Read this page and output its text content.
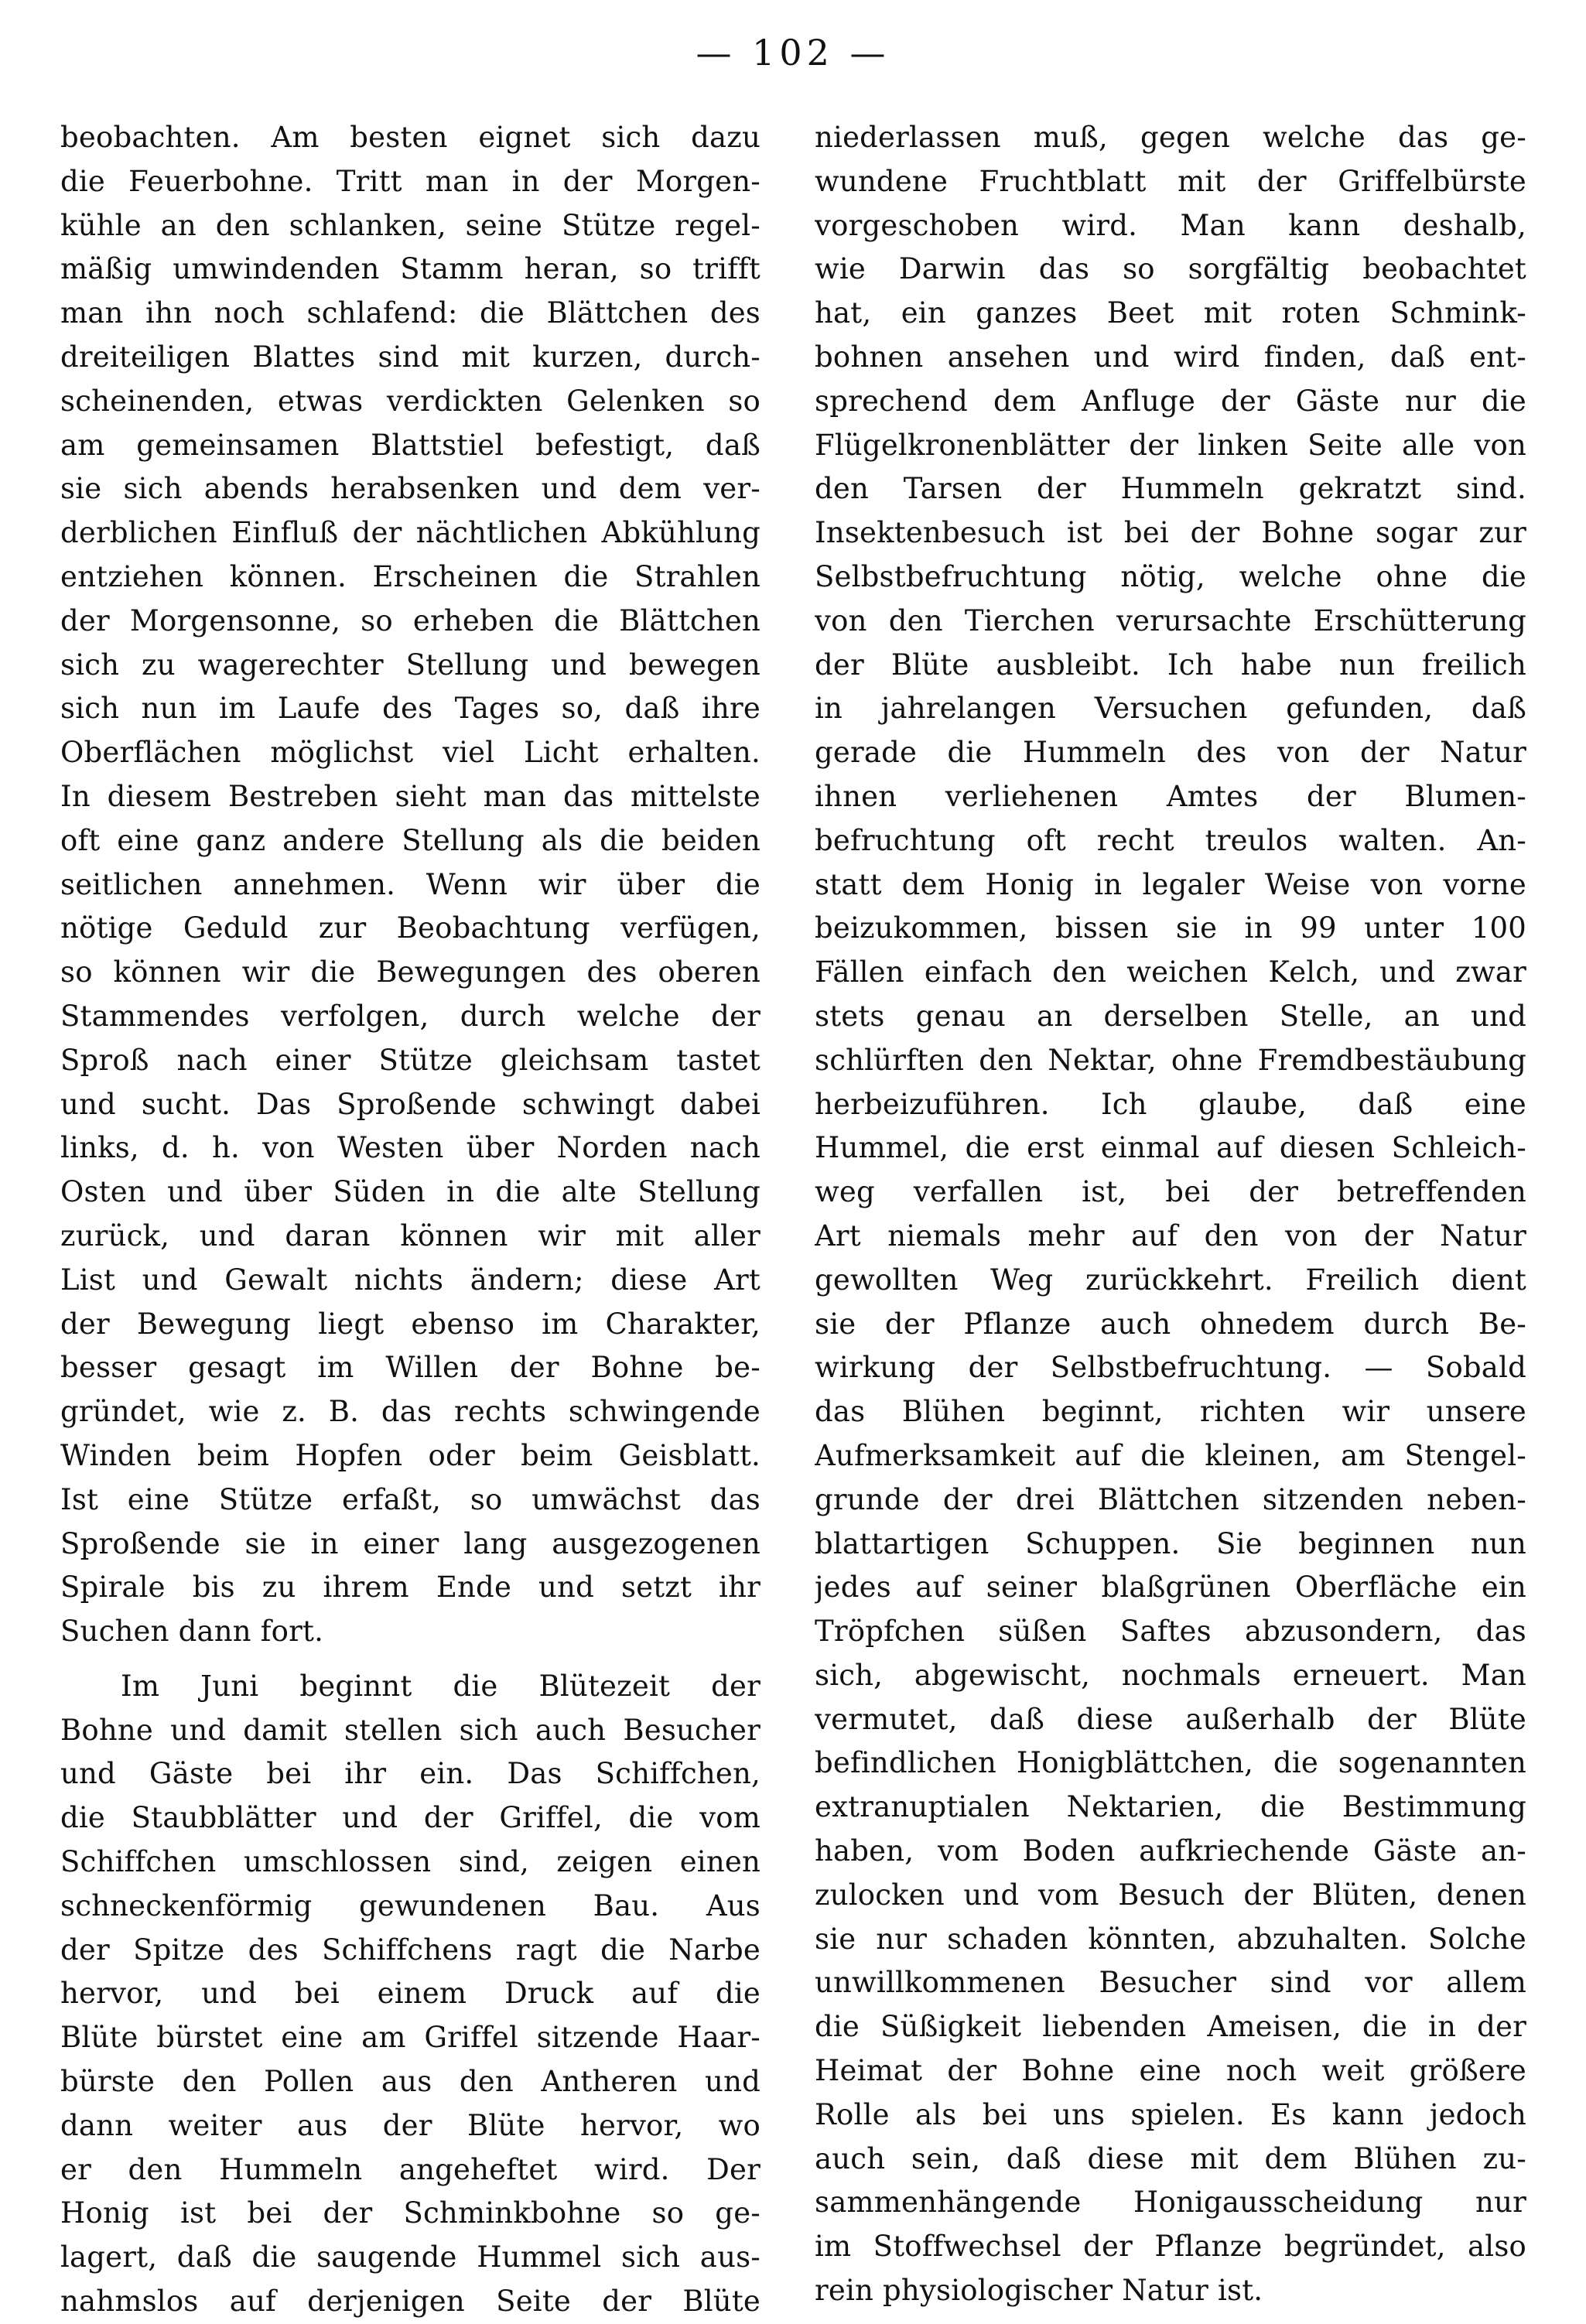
— 102 —
beobachten. Am besten eignet sich dazu
die Feuerbohne. Tritt man in der Morgen-
kühle an den schlanken, seine Stütze regel-
mäßig umwindenden Stamm heran, so trifft
man ihn noch schlafend: die Blättchen des
dreiteiligen Blattes sind mit kurzen, durch-
scheinenden, etwas verdickten Gelenken so
am gemeinsamen Blattstiel befestigt, daß
sie sich abends herabsenken und dem ver-
derblichen Einfluß der nächtlichen Abkühlung
entziehen können. Erscheinen die Strahlen
der Morgensonne, so erheben die Blättchen
sich zu wagerechter Stellung und bewegen
sich nun im Laufe des Tages so, daß ihre
Oberflächen möglichst viel Licht erhalten.
In diesem Bestreben sieht man das mittelste
oft eine ganz andere Stellung als die beiden
seitlichen annehmen. Wenn wir über die
nötige Geduld zur Beobachtung verfügen,
so können wir die Bewegungen des oberen
Stammendes verfolgen, durch welche der
Sproß nach einer Stütze gleichsam tastet
und sucht. Das Sproßende schwingt dabei
links, d. h. von Westen über Norden nach
Osten und über Süden in die alte Stellung
zurück, und daran können wir mit aller
List und Gewalt nichts ändern; diese Art
der Bewegung liegt ebenso im Charakter,
besser gesagt im Willen der Bohne be-
gründet, wie z. B. das rechts schwingende
Winden beim Hopfen oder beim Geisblatt.
Ist eine Stütze erfaßt, so umwächst das
Sproßende sie in einer lang ausgezogenen
Spirale bis zu ihrem Ende und setzt ihr
Suchen dann fort.
Im Juni beginnt die Blütezeit der
Bohne und damit stellen sich auch Besucher
und Gäste bei ihr ein. Das Schiffchen,
die Staubblätter und der Griffel, die vom
Schiffchen umschlossen sind, zeigen einen
schneckenförmig gewundenen Bau. Aus
der Spitze des Schiffchens ragt die Narbe
hervor, und bei einem Druck auf die
Blüte bürstet eine am Griffel sitzende Haar-
bürste den Pollen aus den Antheren und
dann weiter aus der Blüte hervor, wo
er den Hummeln angeheftet wird. Der
Honig ist bei der Schminkbohne so ge-
lagert, daß die saugende Hummel sich aus-
nahmslos auf derjenigen Seite der Blüte
niederlassen muß, gegen welche das ge-
wundene Fruchtblatt mit der Griffelbürste
vorgeschoben wird. Man kann deshalb,
wie Darwin das so sorgfältig beobachtet
hat, ein ganzes Beet mit roten Schmink-
bohnen ansehen und wird finden, daß ent-
sprechend dem Anfluge der Gäste nur die
Flügelkronenblätter der linken Seite alle von
den Tarsen der Hummeln gekratzt sind.
Insektenbesuch ist bei der Bohne sogar zur
Selbstbefruchtung nötig, welche ohne die
von den Tierchen verursachte Erschütterung
der Blüte ausbleibt. Ich habe nun freilich
in jahrelangen Versuchen gefunden, daß
gerade die Hummeln des von der Natur
ihnen verliehenen Amtes der Blumen-
befruchtung oft recht treulos walten. An-
statt dem Honig in legaler Weise von vorne
beizukommen, bissen sie in 99 unter 100
Fällen einfach den weichen Kelch, und zwar
stets genau an derselben Stelle, an und
schlürften den Nektar, ohne Fremdbestäubung
herbeizuführen. Ich glaube, daß eine
Hummel, die erst einmal auf diesen Schleich-
weg verfallen ist, bei der betreffenden
Art niemals mehr auf den von der Natur
gewollten Weg zurückkehrt. Freilich dient
sie der Pflanze auch ohnedem durch Be-
wirkung der Selbstbefruchtung. — Sobald
das Blühen beginnt, richten wir unsere
Aufmerksamkeit auf die kleinen, am Stengel-
grunde der drei Blättchen sitzenden neben-
blattartigen Schuppen. Sie beginnen nun
jedes auf seiner blaßgrünen Oberfläche ein
Tröpfchen süßen Saftes abzusondern, das
sich, abgewischt, nochmals erneuert. Man
vermutet, daß diese außerhalb der Blüte
befindlichen Honigblättchen, die sogenannten
extranuptialen Nektarien, die Bestimmung
haben, vom Boden aufkriechende Gäste an-
zulocken und vom Besuch der Blüten, denen
sie nur schaden könnten, abzuhalten. Solche
unwillkommenen Besucher sind vor allem
die Süßigkeit liebenden Ameisen, die in der
Heimat der Bohne eine noch weit größere
Rolle als bei uns spielen. Es kann jedoch
auch sein, daß diese mit dem Blühen zu-
sammenhängende Honigausscheidung nur
im Stoffwechsel der Pflanze begründet, also
rein physiologischer Natur ist.
